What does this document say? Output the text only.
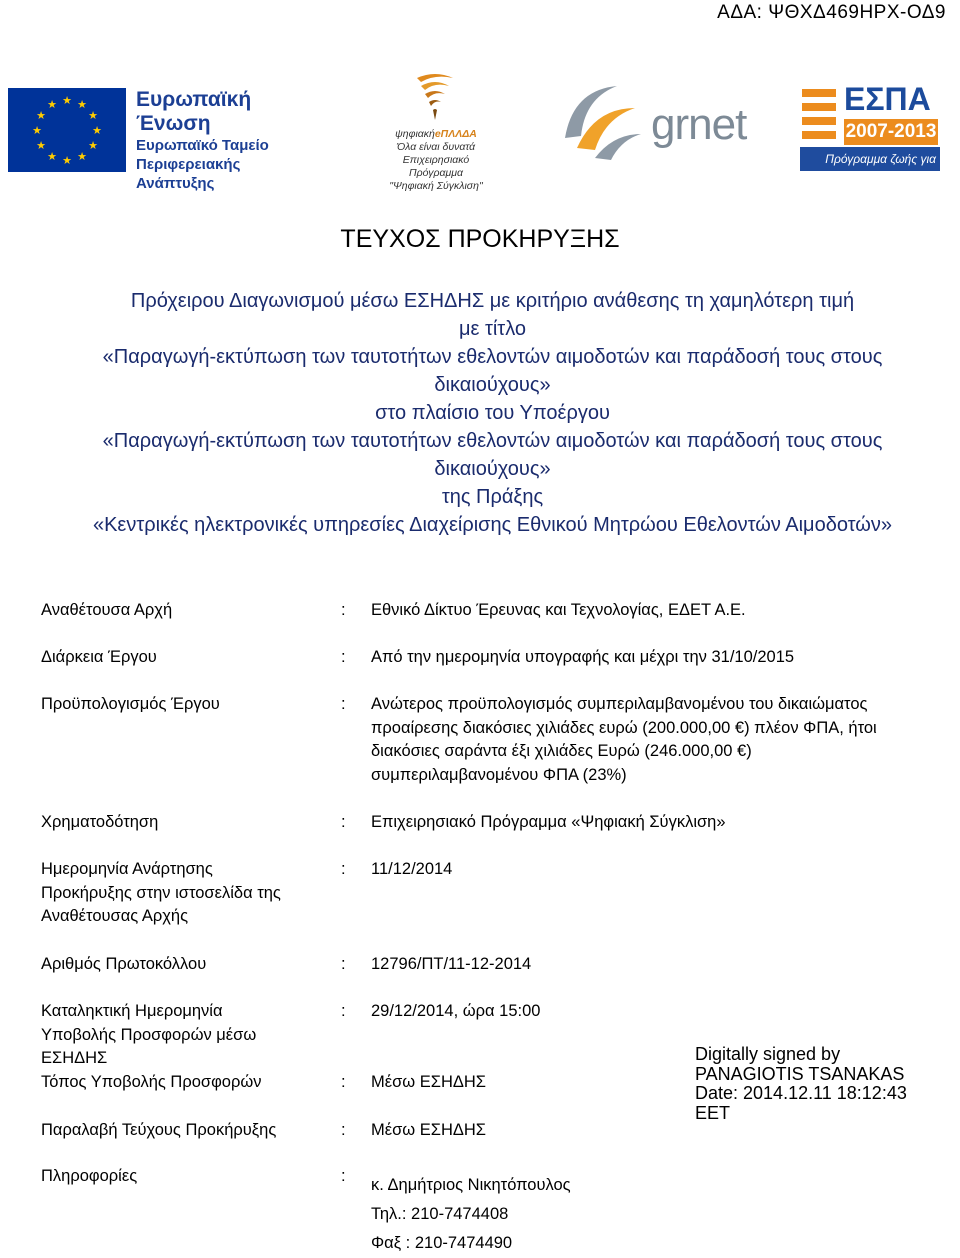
ΑΔΑ: ΨΘΧΔ469ΗΡΧ-ΟΔ9
★ ★
★
★
★
★
★
★
★
★
★
★	Ευρωπαϊκή Ένωση
Ευρωπαϊκό Ταμείο
Περιφερειακής
Ανάπτυξης
ψηφιακήeΠΛΛΔΑ
Όλα είναι δυνατά
Επιχειρησιακό Πρόγραμμα
"Ψηφιακή Σύγκλιση"
grnet
ΕΣΠΑ
2007-2013
Πρόγραμμα ζωής για όλους
ΤΕΥΧΟΣ ΠΡΟΚΗΡΥΞΗΣ
Πρόχειρου Διαγωνισμού μέσω ΕΣΗΔΗΣ με κριτήριο ανάθεσης τη χαμηλότερη τιμή
με τίτλο
«Παραγωγή-εκτύπωση των ταυτοτήτων εθελοντών αιμοδοτών και παράδοσή τους στους
δικαιούχους»
στο πλαίσιο του Υποέργου
«Παραγωγή-εκτύπωση των ταυτοτήτων εθελοντών αιμοδοτών και παράδοσή τους στους
δικαιούχους»
της Πράξης
«Κεντρικές ηλεκτρονικές υπηρεσίες Διαχείρισης Εθνικού Μητρώου Εθελοντών Αιμοδοτών»
Αναθέτουσα Αρχή	: Εθνικό Δίκτυο Έρευνας και Τεχνολογίας, ΕΔΕΤ Α.Ε.
Διάρκεια Έργου	: Από την ημερομηνία υπογραφής και μέχρι την 31/10/2015
Προϋπολογισμός Έργου	: Ανώτερος προϋπολογισμός συμπεριλαμβανομένου του δικαιώματος
προαίρεσης διακόσιες χιλιάδες ευρώ (200.000,00 €) πλέον ΦΠΑ, ήτοι
διακόσιες σαράντα έξι χιλιάδες Ευρώ (246.000,00 €)
συμπεριλαμβανομένου ΦΠΑ (23%)
Χρηματοδότηση	: Επιχειρησιακό Πρόγραμμα «Ψηφιακή Σύγκλιση»
Ημερομηνία Ανάρτησης
Προκήρυξης στην ιστοσελίδα της
Αναθέτουσας Αρχής
: 11/12/2014
Αριθμός Πρωτοκόλλου	: 12796/ΠΤ/11-12-2014
Καταληκτική Ημερομηνία
Υποβολής Προσφορών μέσω
ΕΣΗΔΗΣ
: 29/12/2014, ώρα 15:00
Τόπος Υποβολής Προσφορών	: Μέσω ΕΣΗΔΗΣ
Παραλαβή Τεύχους Προκήρυξης	: Μέσω ΕΣΗΔΗΣ
Πληροφορίες	: κ. Δημήτριος Νικητόπουλος
Τηλ.: 210-7474408
Φαξ : 210-7474490
Digitally signed by
PANAGIOTIS TSANAKAS
Date: 2014.12.11 18:12:43
EET
